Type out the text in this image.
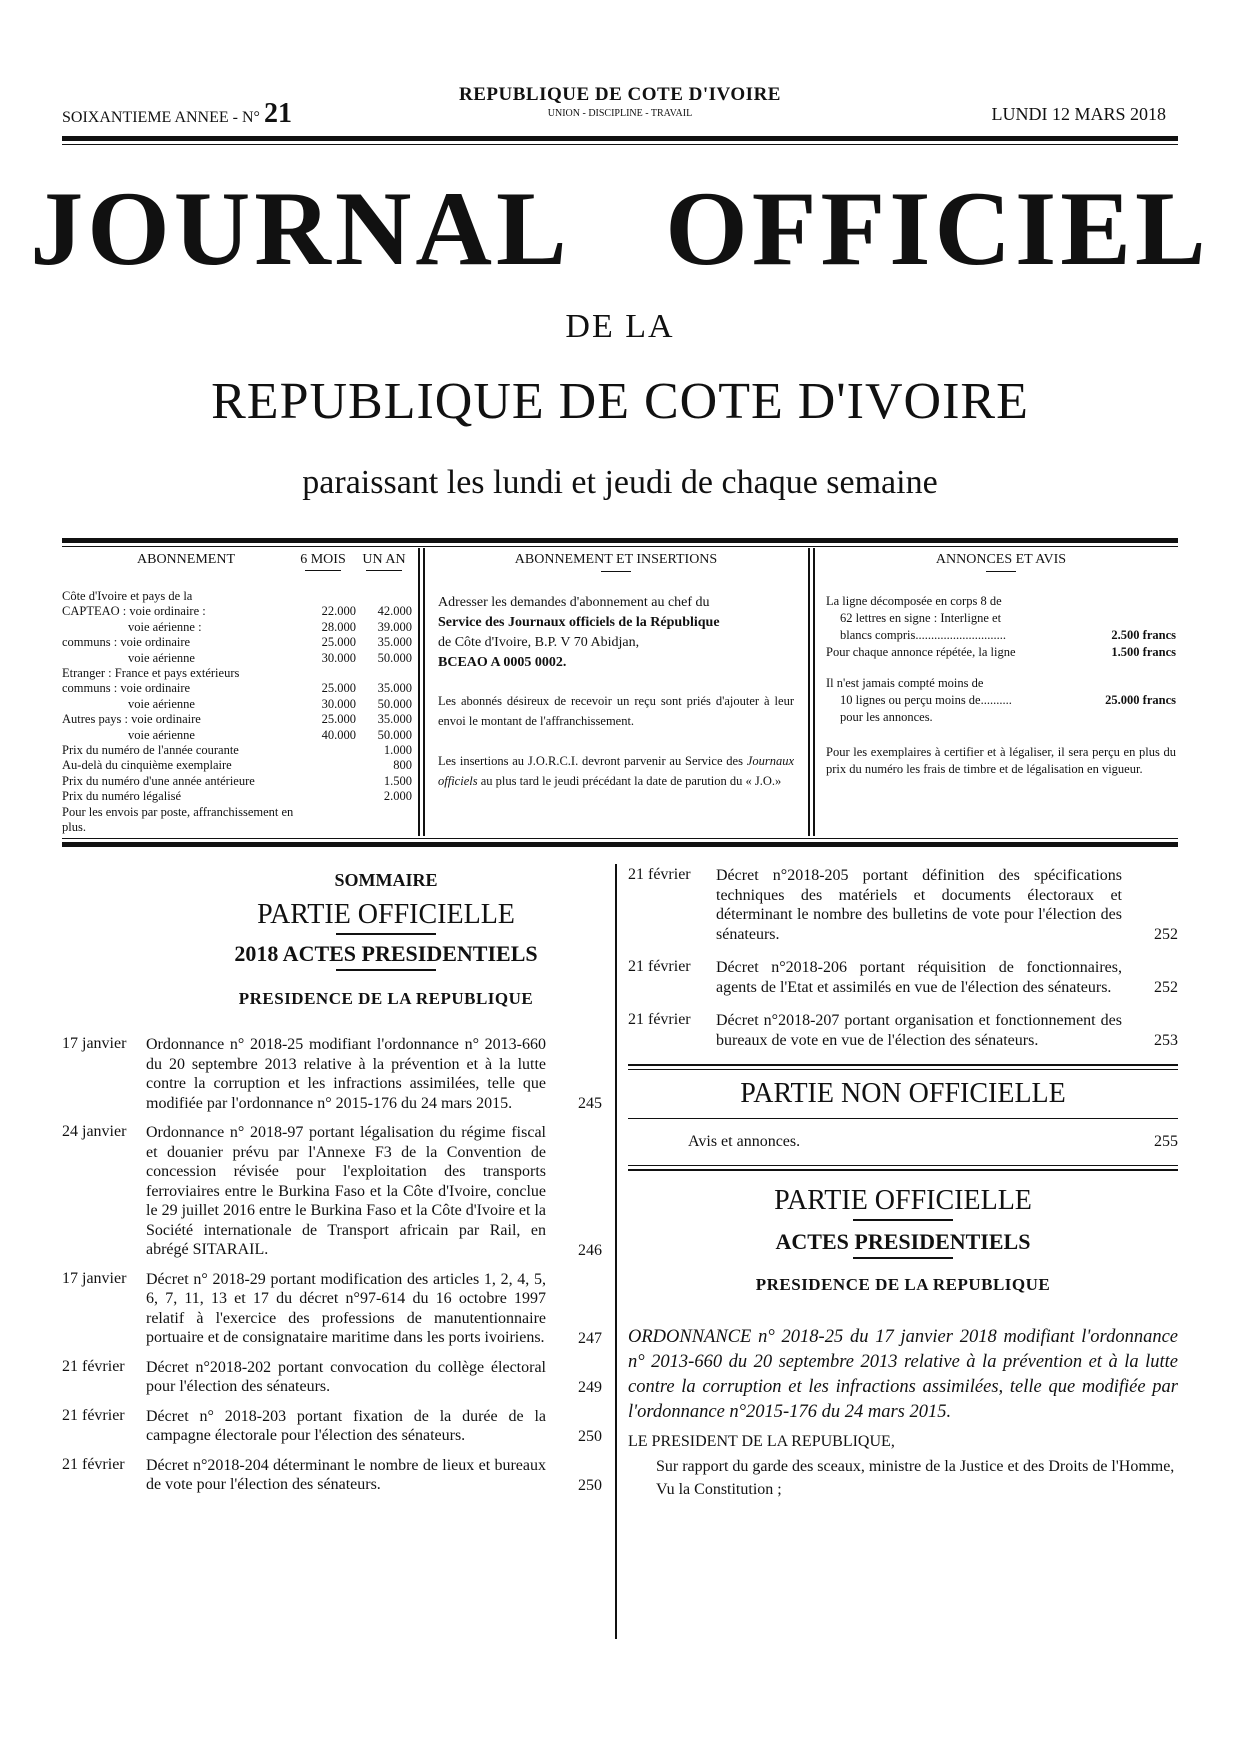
SOIXANTIEME ANNEE - N° 21
REPUBLIQUE DE COTE D'IVOIRE
UNION - DISCIPLINE - TRAVAIL	LUNDI 12 MARS 2018
JOURNAL OFFICIEL
DE LA
REPUBLIQUE DE COTE D'IVOIRE
paraissant les lundi et jeudi de chaque semaine
ABONNEMENT	6 MOIS	UN AN
Côte d'Ivoire et pays de la
CAPTEAO : voie ordinaire :	22.000	42.000
voie aérienne :	28.000	39.000
communs : voie ordinaire	25.000	35.000
voie aérienne	30.000	50.000
Etranger : France et pays extérieurs
communs : voie ordinaire	25.000	35.000
voie aérienne	30.000	50.000
Autres pays : voie ordinaire	25.000	35.000
voie aérienne	40.000	50.000
Prix du numéro de l'année courante	1.000
Au-delà du cinquième exemplaire	800
Prix du numéro d'une année antérieure	1.500
Prix du numéro légalisé	2.000
Pour les envois par poste, affranchissement en plus.
ABONNEMENT ET INSERTIONS
Adresser les demandes d'abonnement au chef du
Service des Journaux officiels de la République
de Côte d'Ivoire, B.P. V 70 Abidjan,
BCEAO A 0005 0002.
Les abonnés désireux de recevoir un reçu sont priés d'ajouter à leur envoi le montant de l'affranchissement.
Les insertions au J.O.R.C.I. devront parvenir au Service des Journaux officiels au plus tard le jeudi précédant la date de parution du « J.O.»
ANNONCES ET AVIS
La ligne décomposée en corps 8 de
62 lettres en signe : Interligne et
blancs compris .............................	2.500 francs
Pour chaque annonce répétée, la ligne	1.500 francs
Il n'est jamais compté moins de
10 lignes ou perçu moins de ..........	25.000 francs
pour les annonces.
Pour les exemplaires à certifier et à légaliser, il sera perçu en plus du prix du numéro les frais de timbre et de légalisation en vigueur.
SOMMAIRE
PARTIE OFFICIELLE
2018 ACTES PRESIDENTIELS
PRESIDENCE DE LA REPUBLIQUE
17 janvier	Ordonnance n° 2018-25 modifiant l'ordonnance n° 2013-660 du 20 septembre 2013 relative à la prévention et à la lutte contre la corruption et les infractions assimilées, telle que modifiée par l'ordonnance n° 2015-176 du 24 mars 2015.	245
24 janvier	Ordonnance n° 2018-97 portant légalisation du régime fiscal et douanier prévu par l'Annexe F3 de la Convention de concession révisée pour l'exploitation des transports ferroviaires entre le Burkina Faso et la Côte d'Ivoire, conclue le 29 juillet 2016 entre le Burkina Faso et la Côte d'Ivoire et la Société internationale de Transport africain par Rail, en abrégé SITARAIL.	246
17 janvier	Décret n° 2018-29 portant modification des articles 1, 2, 4, 5, 6, 7, 11, 13 et 17 du décret n°97-614 du 16 octobre 1997 relatif à l'exercice des professions de manutentionnaire portuaire et de consignataire maritime dans les ports ivoiriens.	247
21 février	Décret n°2018-202 portant convocation du collège électoral pour l'élection des sénateurs.	249
21 février	Décret n° 2018-203 portant fixation de la durée de la campagne électorale pour l'élection des sénateurs.	250
21 février	Décret n°2018-204 déterminant le nombre de lieux et bureaux de vote pour l'élection des sénateurs.	250
21 février	Décret n°2018-205 portant définition des spécifications techniques des matériels et documents électoraux et déterminant le nombre des bulletins de vote pour l'élection des sénateurs.	252
21 février	Décret n°2018-206 portant réquisition de fonctionnaires, agents de l'Etat et assimilés en vue de l'élection des sénateurs.	252
21 février	Décret n°2018-207 portant organisation et fonctionnement des bureaux de vote en vue de l'élection des sénateurs.	253
PARTIE NON OFFICIELLE
Avis et annonces.	255
PARTIE OFFICIELLE
ACTES PRESIDENTIELS
PRESIDENCE DE LA REPUBLIQUE
ORDONNANCE n° 2018-25 du 17 janvier 2018 modifiant l'ordonnance n° 2013-660 du 20 septembre 2013 relative à la prévention et à la lutte contre la corruption et les infractions assimilées, telle que modifiée par l'ordonnance n°2015-176 du 24 mars 2015.
LE PRESIDENT DE LA REPUBLIQUE,
Sur rapport du garde des sceaux, ministre de la Justice et des Droits de l'Homme,
Vu la Constitution ;
